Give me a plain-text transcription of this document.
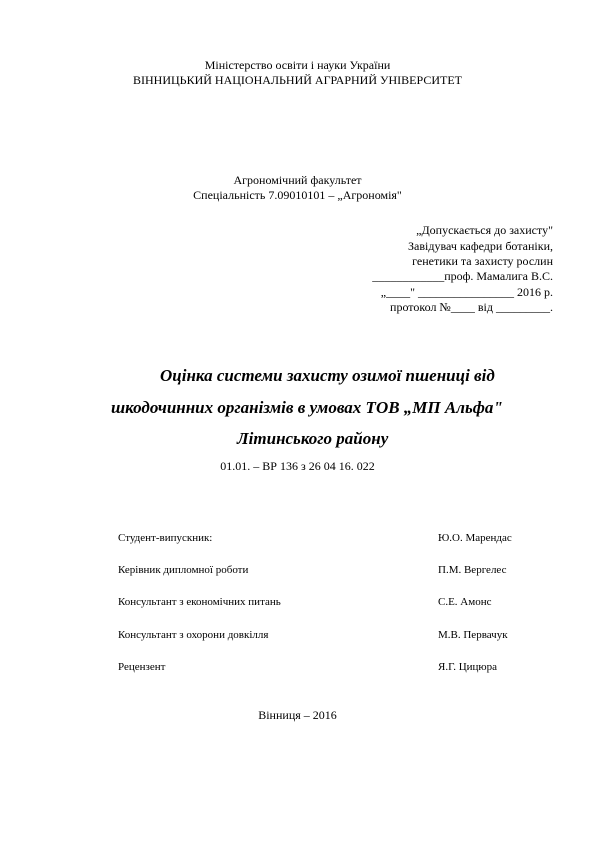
Міністерство освіти і науки України
ВІННИЦЬКИЙ НАЦІОНАЛЬНИЙ АГРАРНИЙ УНІВЕРСИТЕТ
Агрономічний факультет
Спеціальність 7.09010101 – „Агрономія"
„Допускається до захисту"
Завідувач кафедри ботаніки,
генетики та захисту рослин
____________проф. Мамалига В.С.
„____" ________________ 2016 р.
протокол №____ від _________.
Оцінка системи захисту озимої пшениці від
шкодочинних організмів в умовах ТОВ „МП Альфа"
Літинського району
01.01. – ВР 136 з 26 04 16. 022
Студент-випускник:	Ю.О. Марендас
Керівник дипломної роботи	П.М. Вергелес
Консультант з економічних питань	С.Е. Амонс
Консультант з охорони довкілля	М.В. Первачук
Рецензент	Я.Г. Цицюра
Вінниця – 2016
